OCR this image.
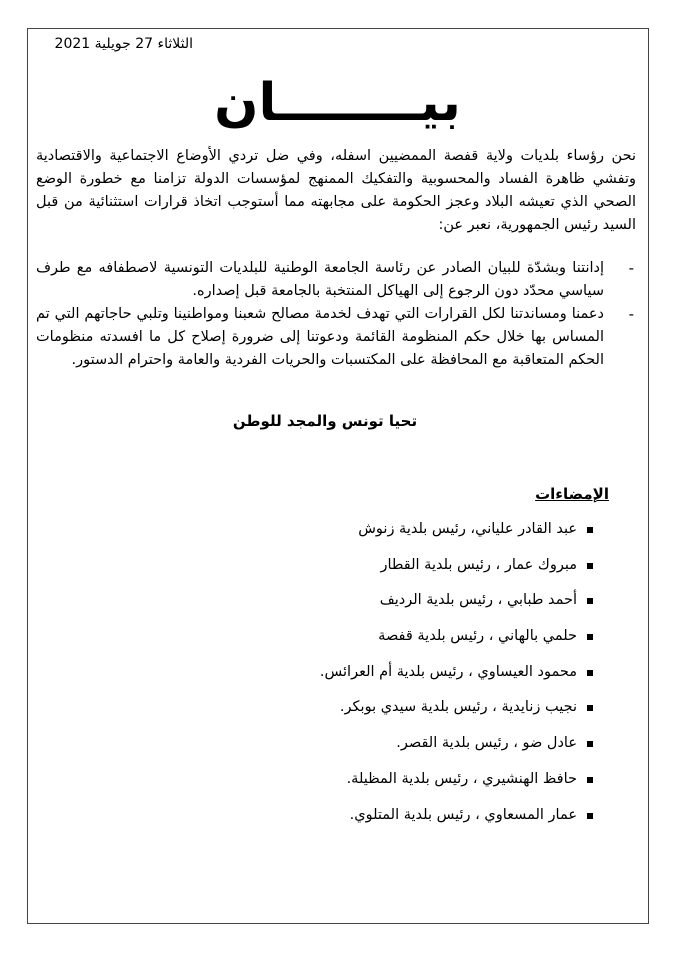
الثلاثاء 27 جويلية 2021
بيــــــــان

نحن رؤساء بلديات ولاية قفصة الممضيين اسفله، وفي ضل تردي الأوضاع الاجتماعية والاقتصادية وتفشي ظاهرة الفساد والمحسوبية والتفكيك الممنهج لمؤسسات الدولة تزامنا مع خطورة الوضع الصحي الذي تعيشه البلاد وعجز الحكومة على مجابهته مما أستوجب اتخاذ قرارات استثنائية من قبل السيد رئيس الجمهورية، نعبر عن:

-
إدانتنا وبشدّة للبيان الصادر عن رئاسة الجامعة الوطنية للبلديات التونسية لاصطفافه مع طرف سياسي محدّد دون الرجوع إلى الهياكل المنتخبة بالجامعة قبل إصداره.
-
دعمنا ومساندتنا لكل القرارات التي تهدف لخدمة مصالح شعبنا ومواطنينا وتلبي حاجاتهم التي تم المساس بها خلال حكم المنظومة القائمة ودعوتنا إلى ضرورة إصلاح كل ما افسدته منظومات الحكم المتعاقبة مع المحافظة على المكتسبات والحريات الفردية والعامة واحترام الدستور.
تحيا تونس والمجد للوطن
الإمضاءات
عبد القادر علياني، رئيس بلدية زنوش
مبروك عمار ، رئيس بلدية القطار
أحمد طبابي ، رئيس بلدية الرديف
حلمي بالهاني ، رئيس بلدية قفصة
محمود العيساوي ، رئيس بلدية أم العرائس.
نجيب زنايدية ، رئيس بلدية سيدي بوبكر.
عادل ضو ، رئيس بلدية القصر.
حافظ الهنشيري ، رئيس بلدية المظيلة.
عمار المسعاوي ، رئيس بلدية المتلوي.
